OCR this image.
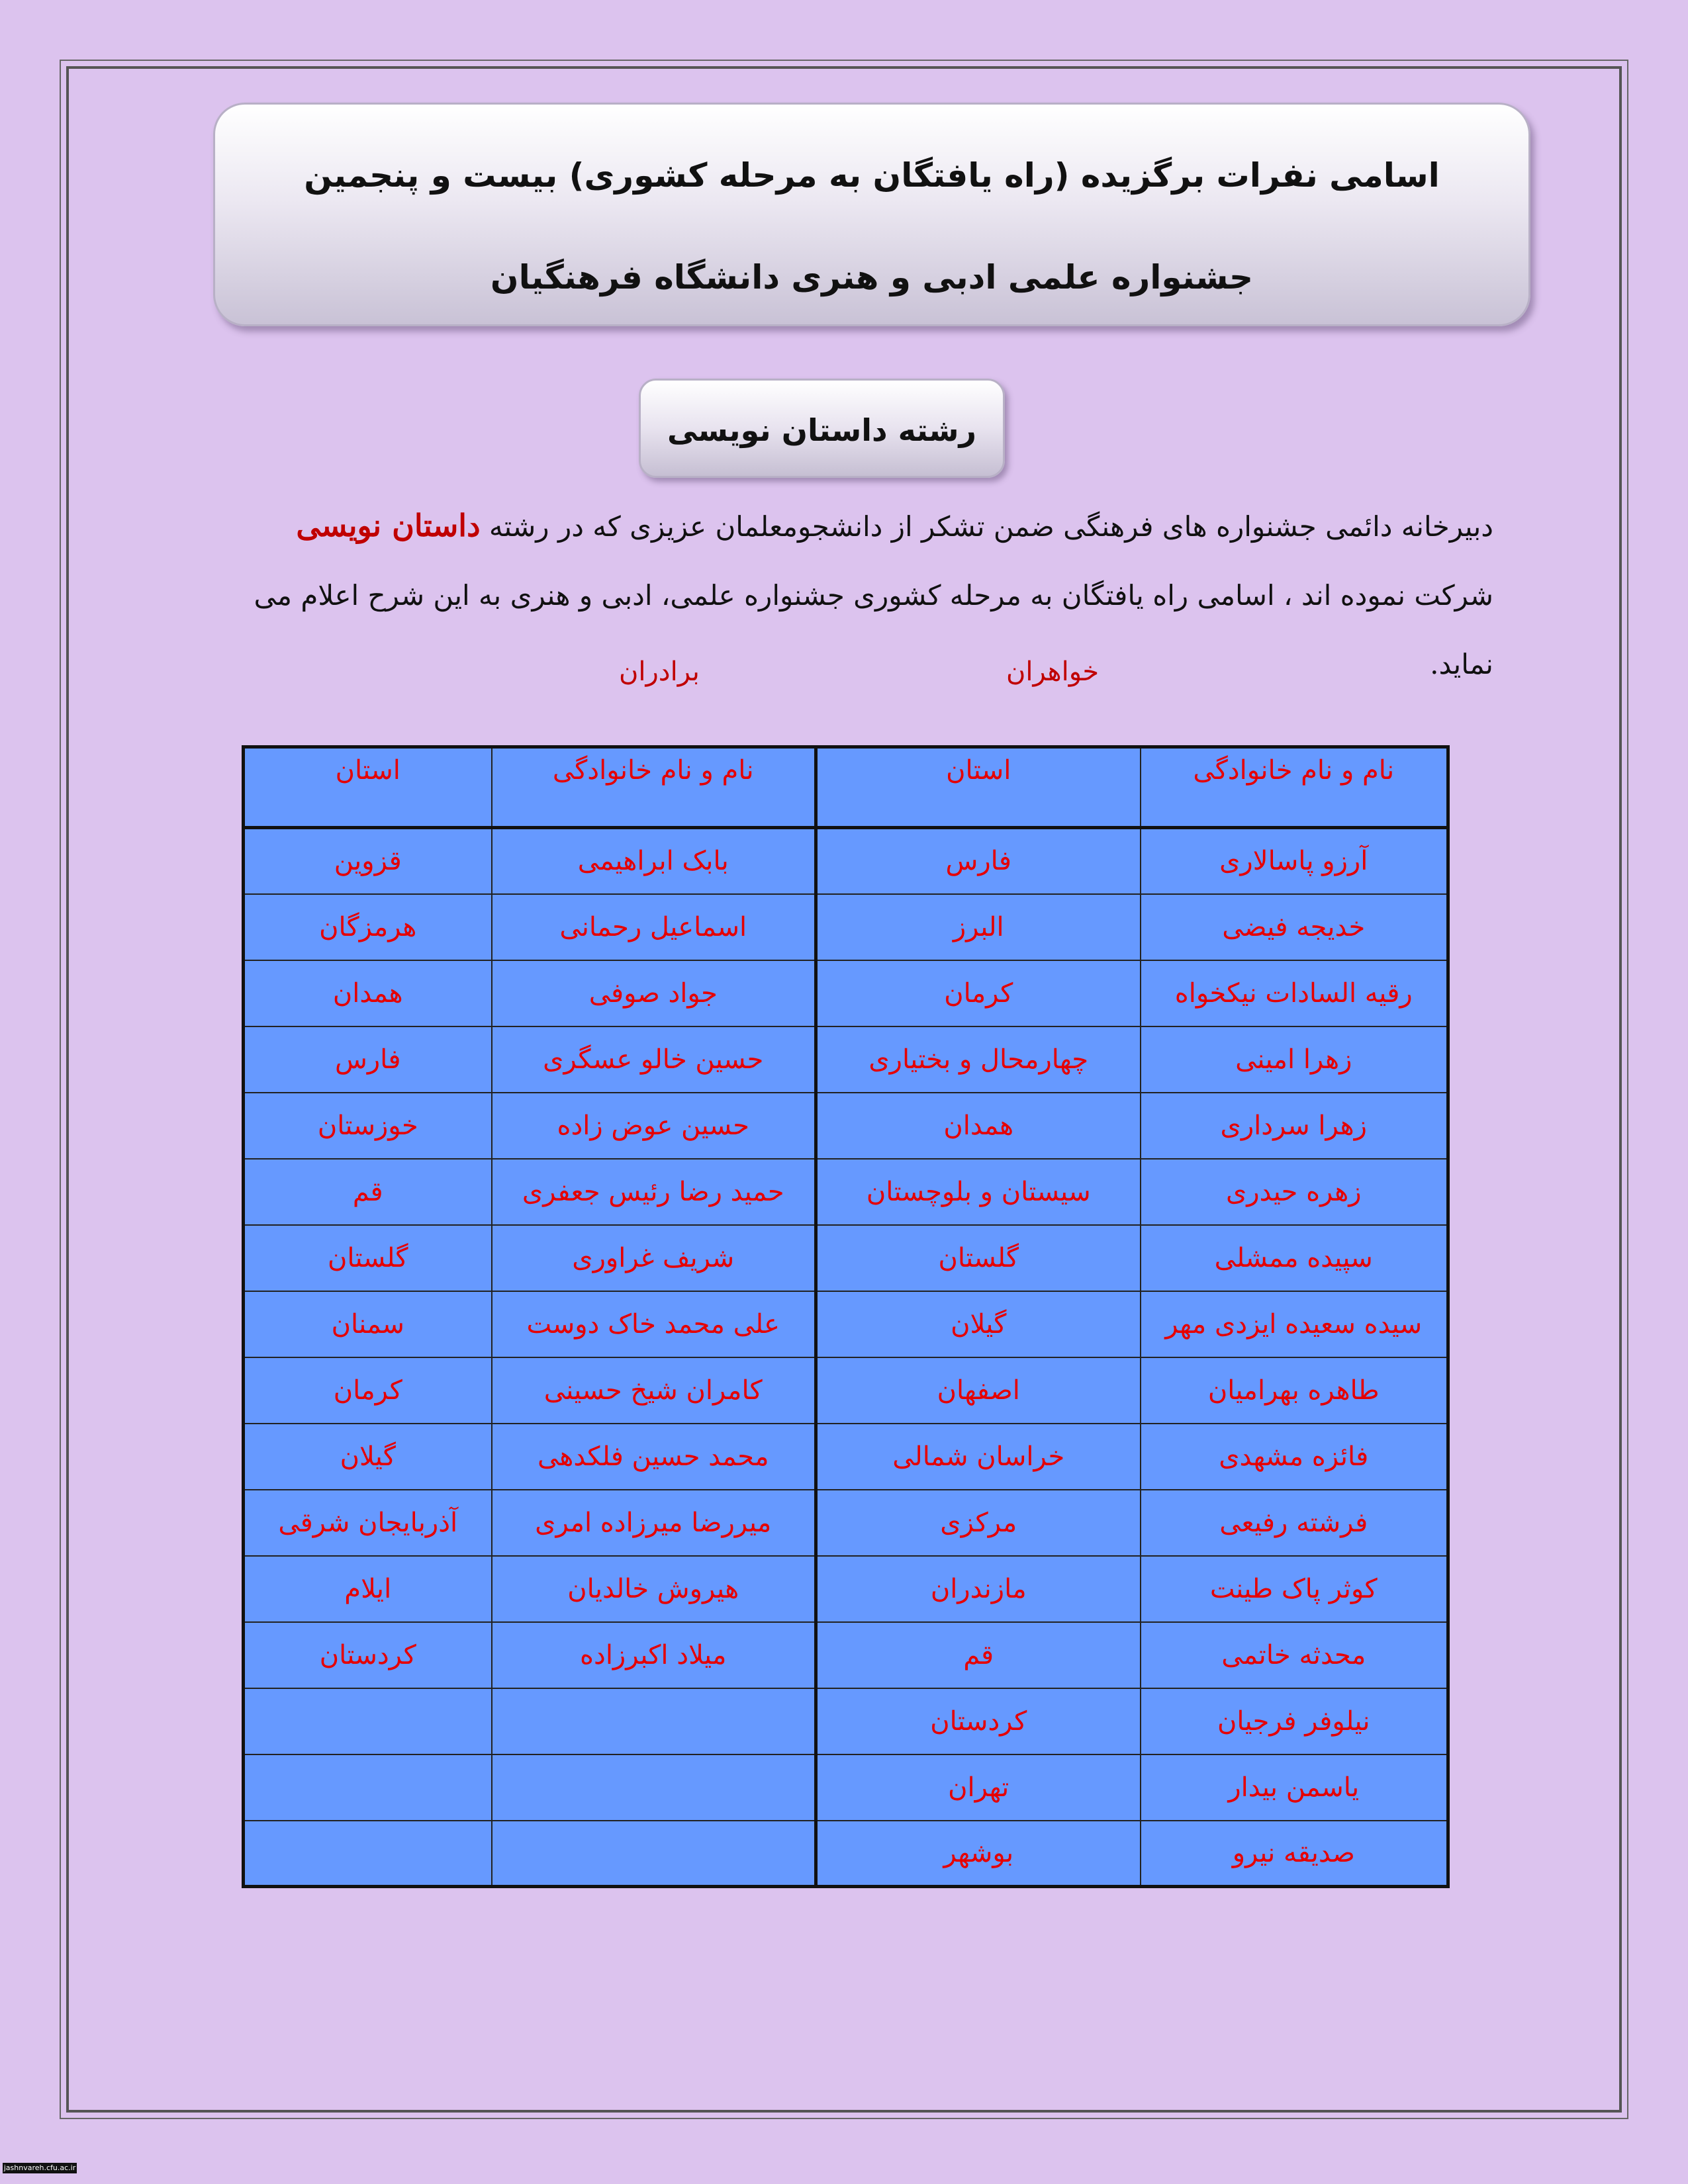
اسامی نفرات برگزیده (راه یافتگان به مرحله کشوری) بیست و پنجمین
جشنواره علمی ادبی و هنری دانشگاه فرهنگیان
رشته داستان نویسی
دبیرخانه دائمی جشنواره های فرهنگی ضمن تشکر از دانشجومعلمان عزیزی که در رشته داستان نویسی شرکت نموده اند ، اسامی راه یافتگان به مرحله کشوری جشنواره علمی، ادبی و هنری به این شرح اعلام می نماید.
خواهران
برادران
نام و نام خانوادگی	استان	نام و نام خانوادگی	استان
آرزو پاسالاری	فارس	بابک ابراهیمی	قزوین
خدیجه فیضی	البرز	اسماعیل رحمانی	هرمزگان
رقیه السادات نیکخواه	کرمان	جواد صوفی	همدان
زهرا امینی	چهارمحال و بختیاری	حسین خالو عسگری	فارس
زهرا سرداری	همدان	حسین عوض زاده	خوزستان
زهره حیدری	سیستان و بلوچستان	حمید رضا رئیس جعفری	قم
سپیده ممشلی	گلستان	شریف غراوری	گلستان
سیده سعیده ایزدی مهر	گیلان	علی محمد خاک دوست	سمنان
طاهره بهرامیان	اصفهان	کامران شیخ حسینی	کرمان
فائزه مشهدی	خراسان شمالی	محمد حسین فلکدهی	گیلان
فرشته رفیعی	مرکزی	میررضا میرزاده امری	آذربایجان شرقی
کوثر پاک طینت	مازندران	هیروش خالدیان	ایلام
محدثه خاتمی	قم	میلاد اکبرزاده	کردستان
نیلوفر فرجیان	کردستان		
یاسمن بیدار	تهران		
صدیقه نیرو	بوشهر		
jashnvareh.cfu.ac.ir
